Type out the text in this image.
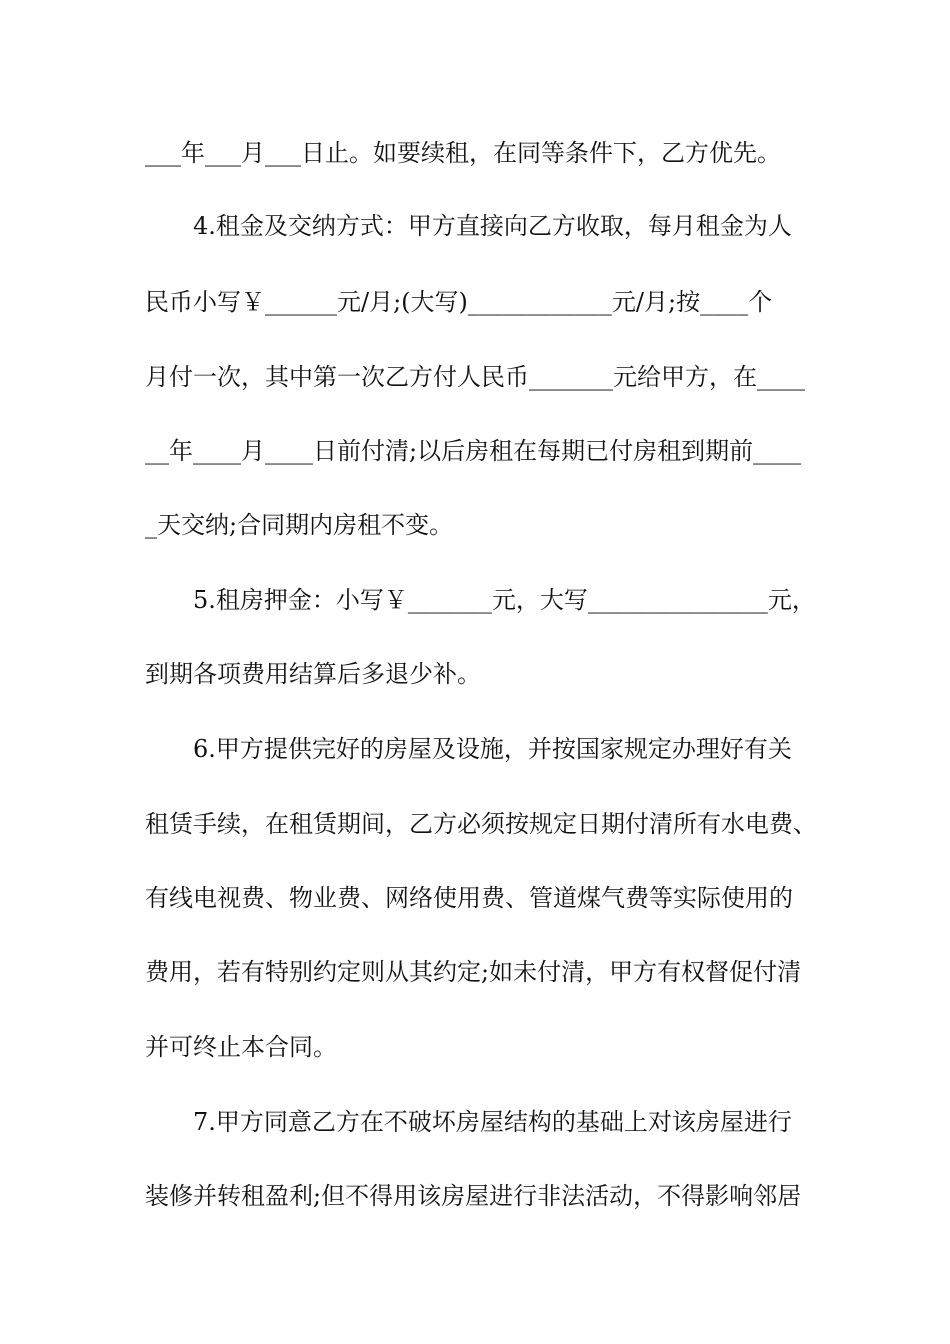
___年___月___日止。如要续租，在同等条件下，乙方优先。
4.租金及交纳方式：甲方直接向乙方收取，每月租金为人
民币小写￥______元/月;(大写)____________元/月;按____个
月付一次，其中第一次乙方付人民币_______元给甲方，在____
__年____月____日前付清;以后房租在每期已付房租到期前____
_天交纳;合同期内房租不变。
5.租房押金：小写￥_______元，大写_______________元，
到期各项费用结算后多退少补。
6.甲方提供完好的房屋及设施，并按国家规定办理好有关
租赁手续，在租赁期间，乙方必须按规定日期付清所有水电费、
有线电视费、物业费、网络使用费、管道煤气费等实际使用的
费用，若有特别约定则从其约定;如未付清，甲方有权督促付清
并可终止本合同。
7.甲方同意乙方在不破坏房屋结构的基础上对该房屋进行
装修并转租盈利;但不得用该房屋进行非法活动，不得影响邻居
